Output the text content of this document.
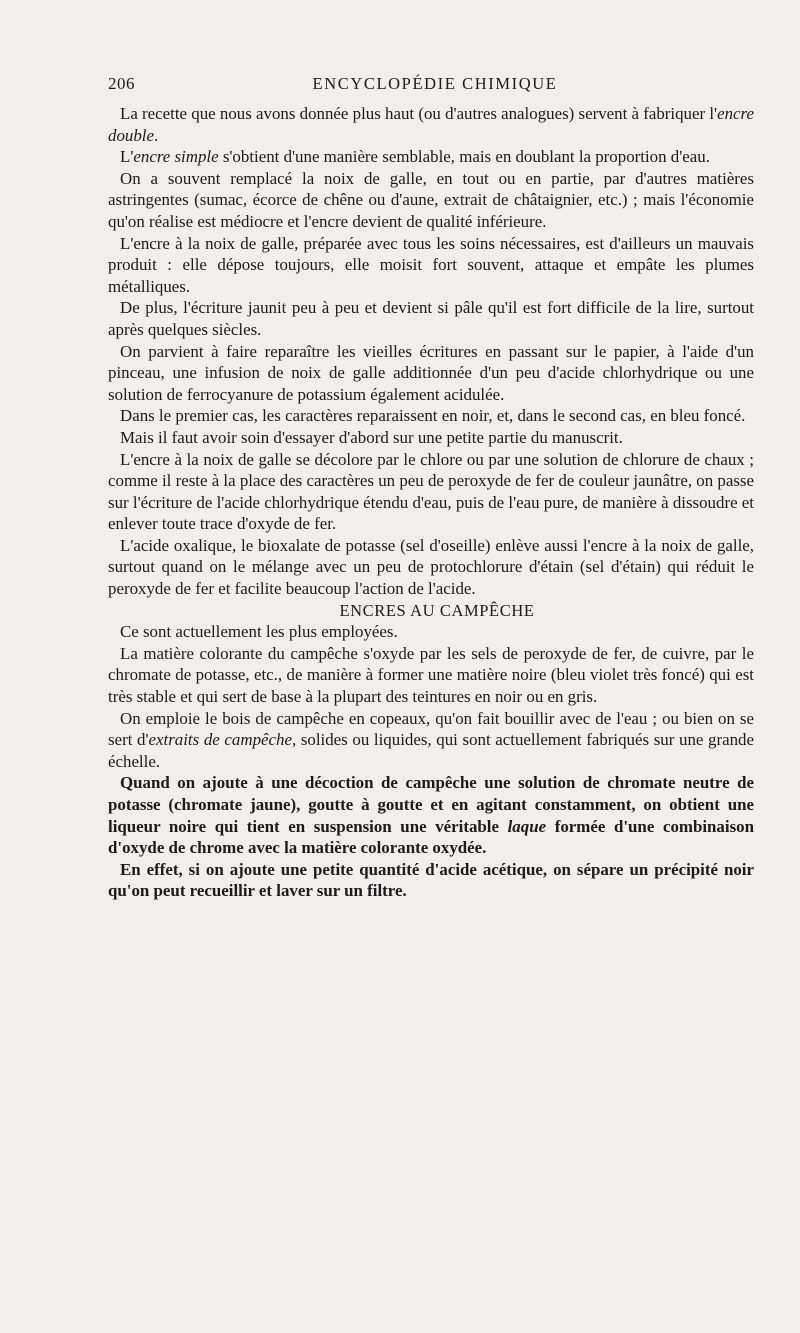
206	ENCYCLOPÉDIE CHIMIQUE

La recette que nous avons donnée plus haut (ou d'autres analogues) servent à fabriquer l'encre double.

L'encre simple s'obtient d'une manière semblable, mais en doublant la proportion d'eau.

On a souvent remplacé la noix de galle, en tout ou en partie, par d'autres matières astringentes (sumac, écorce de chêne ou d'aune, extrait de châtaignier, etc.) ; mais l'économie qu'on réalise est médiocre et l'encre devient de qualité inférieure.

L'encre à la noix de galle, préparée avec tous les soins nécessaires, est d'ailleurs un mauvais produit : elle dépose toujours, elle moisit fort souvent, attaque et empâte les plumes métalliques.

De plus, l'écriture jaunit peu à peu et devient si pâle qu'il est fort difficile de la lire, surtout après quelques siècles.

On parvient à faire reparaître les vieilles écritures en passant sur le papier, à l'aide d'un pinceau, une infusion de noix de galle additionnée d'un peu d'acide chlorhydrique ou une solution de ferrocyanure de potassium également acidulée.

Dans le premier cas, les caractères reparaissent en noir, et, dans le second cas, en bleu foncé.

Mais il faut avoir soin d'essayer d'abord sur une petite partie du manuscrit.

L'encre à la noix de galle se décolore par le chlore ou par une solution de chlorure de chaux ; comme il reste à la place des caractères un peu de peroxyde de fer de couleur jaunâtre, on passe sur l'écriture de l'acide chlorhydrique étendu d'eau, puis de l'eau pure, de manière à dissoudre et enlever toute trace d'oxyde de fer.

L'acide oxalique, le bioxalate de potasse (sel d'oseille) enlève aussi l'encre à la noix de galle, surtout quand on le mélange avec un peu de protochlorure d'étain (sel d'étain) qui réduit le peroxyde de fer et facilite beaucoup l'action de l'acide.

ENCRES AU CAMPÊCHE

Ce sont actuellement les plus employées.

La matière colorante du campêche s'oxyde par les sels de peroxyde de fer, de cuivre, par le chromate de potasse, etc., de manière à former une matière noire (bleu violet très foncé) qui est très stable et qui sert de base à la plupart des teintures en noir ou en gris.

On emploie le bois de campêche en copeaux, qu'on fait bouillir avec de l'eau ; ou bien on se sert d'extraits de campêche, solides ou liquides, qui sont actuellement fabriqués sur une grande échelle.

Quand on ajoute à une décoction de campêche une solution de chromate neutre de potasse (chromate jaune), goutte à goutte et en agitant constamment, on obtient une liqueur noire qui tient en suspension une véritable laque formée d'une combinaison d'oxyde de chrome avec la matière colorante oxydée.

En effet, si on ajoute une petite quantité d'acide acétique, on sépare un précipité noir qu'on peut recueillir et laver sur un filtre.
